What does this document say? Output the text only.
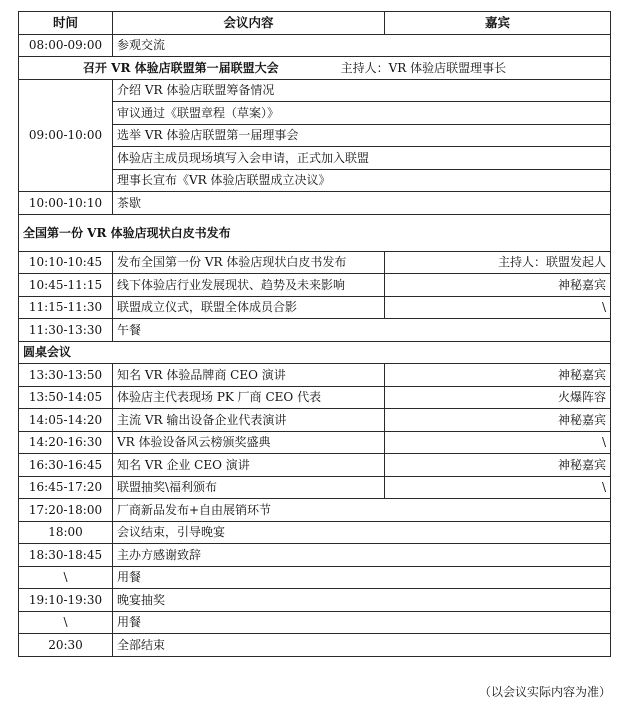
时间	会议内容	嘉宾
08:00-09:00	参观交流	
召开 VR 体验店联盟第一届联盟大会 主持人：VR 体验店联盟理事长		
09:00-10:00	介绍 VR 体验店联盟筹备情况	
	审议通过《联盟章程（草案）》	
	选举 VR 体验店联盟第一届理事会	
	体验店主成员现场填写入会申请，正式加入联盟	
	理事长宣布《VR 体验店联盟成立决议》	
10:00-10:10	茶歇	
全国第一份 VR 体验店现状白皮书发布		
10:10-10:45	发布全国第一份 VR 体验店现状白皮书发布	主持人：联盟发起人
10:45-11:15	线下体验店行业发展现状、趋势及未来影响	神秘嘉宾
11:15-11:30	联盟成立仪式，联盟全体成员合影	\
11:30-13:30	午餐	
圆桌会议		
13:30-13:50	知名 VR 体验品牌商 CEO 演讲	神秘嘉宾
13:50-14:05	体验店主代表现场 PK 厂商 CEO 代表	火爆阵容
14:05-14:20	主流 VR 输出设备企业代表演讲	神秘嘉宾
14:20-16:30	VR 体验设备风云榜颁奖盛典	\
16:30-16:45	知名 VR 企业 CEO 演讲	神秘嘉宾
16:45-17:20	联盟抽奖\福利颁布	\
17:20-18:00	厂商新品发布+自由展销环节	
18:00	会议结束，引导晚宴	
18:30-18:45	主办方感谢致辞	
\	用餐	
19:10-19:30	晚宴抽奖	
\	用餐	
20:30	全部结束	
（以会议实际内容为准）
